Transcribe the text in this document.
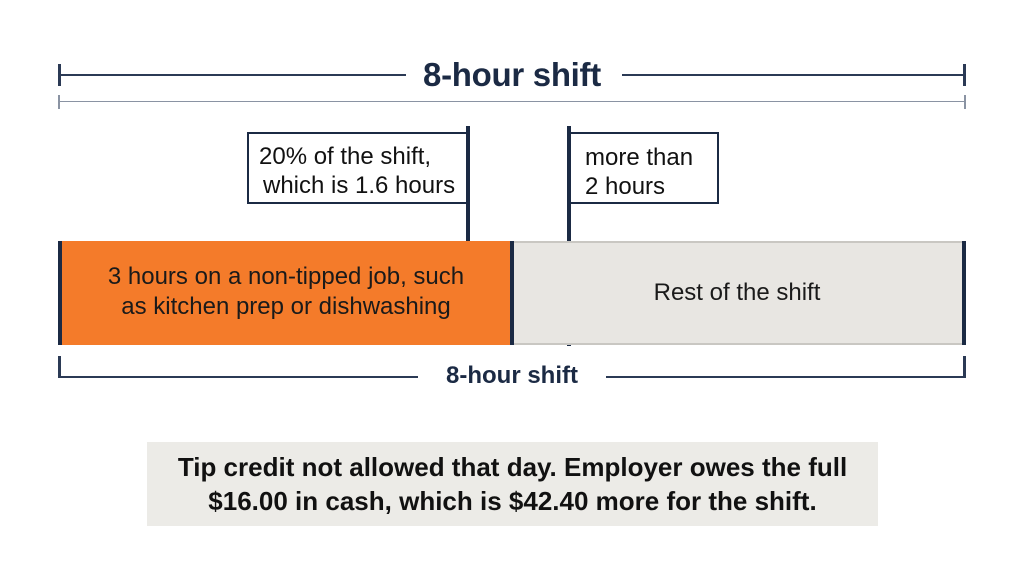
8-hour shift
20% of the shift,
which is 1.6 hours
more than
2 hours
3 hours on a non-tipped job, such
as kitchen prep or dishwashing
Rest of the shift
8-hour shift
Tip credit not allowed that day. Employer owes the full
$16.00 in cash, which is $42.40 more for the shift.
